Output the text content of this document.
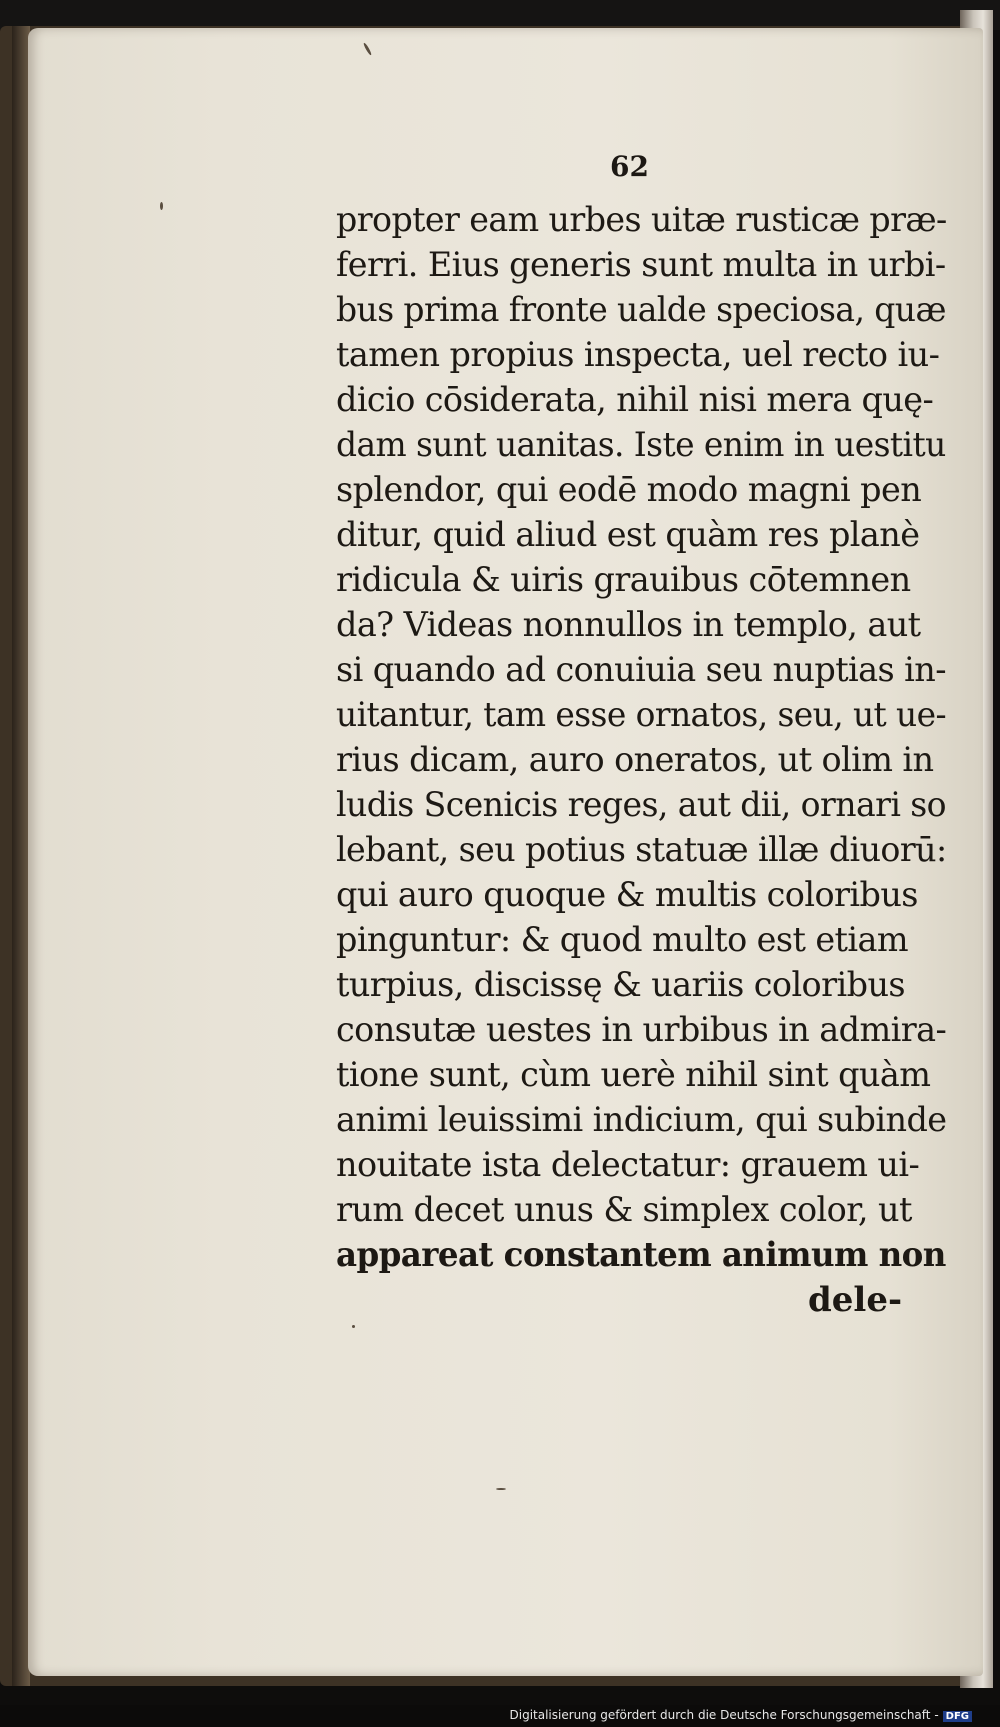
62
propter eam urbes uitæ rusticæ præ-
ferri. Eius generis sunt multa in urbi-
bus prima fronte ualde speciosa, quæ
tamen propius inspecta, uel recto iu-
dicio cōsiderata, nihil nisi mera quę-
dam sunt uanitas. Iste enim in uestitu
splendor, qui eodē modo magni pen
ditur, quid aliud est quàm res planè
ridicula & uiris grauibus cōtemnen
da? Videas nonnullos in templo, aut
si quando ad conuiuia seu nuptias in-
uitantur, tam esse ornatos, seu, ut ue-
rius dicam, auro oneratos, ut olim in
ludis Scenicis reges, aut dii, ornari so
lebant, seu potius statuæ illæ diuorū:
qui auro quoque & multis coloribus
pinguntur: & quod multo est etiam
turpius, discissę & uariis coloribus
consutæ uestes in urbibus in admira-
tione sunt, cùm uerè nihil sint quàm
animi leuissimi indicium, qui subinde
nouitate ista delectatur: grauem ui-
rum decet unus & simplex color, ut
appareat constantem animum non
dele-
Digitalisierung gefördert durch die Deutsche Forschungsgemeinschaft - DFG
